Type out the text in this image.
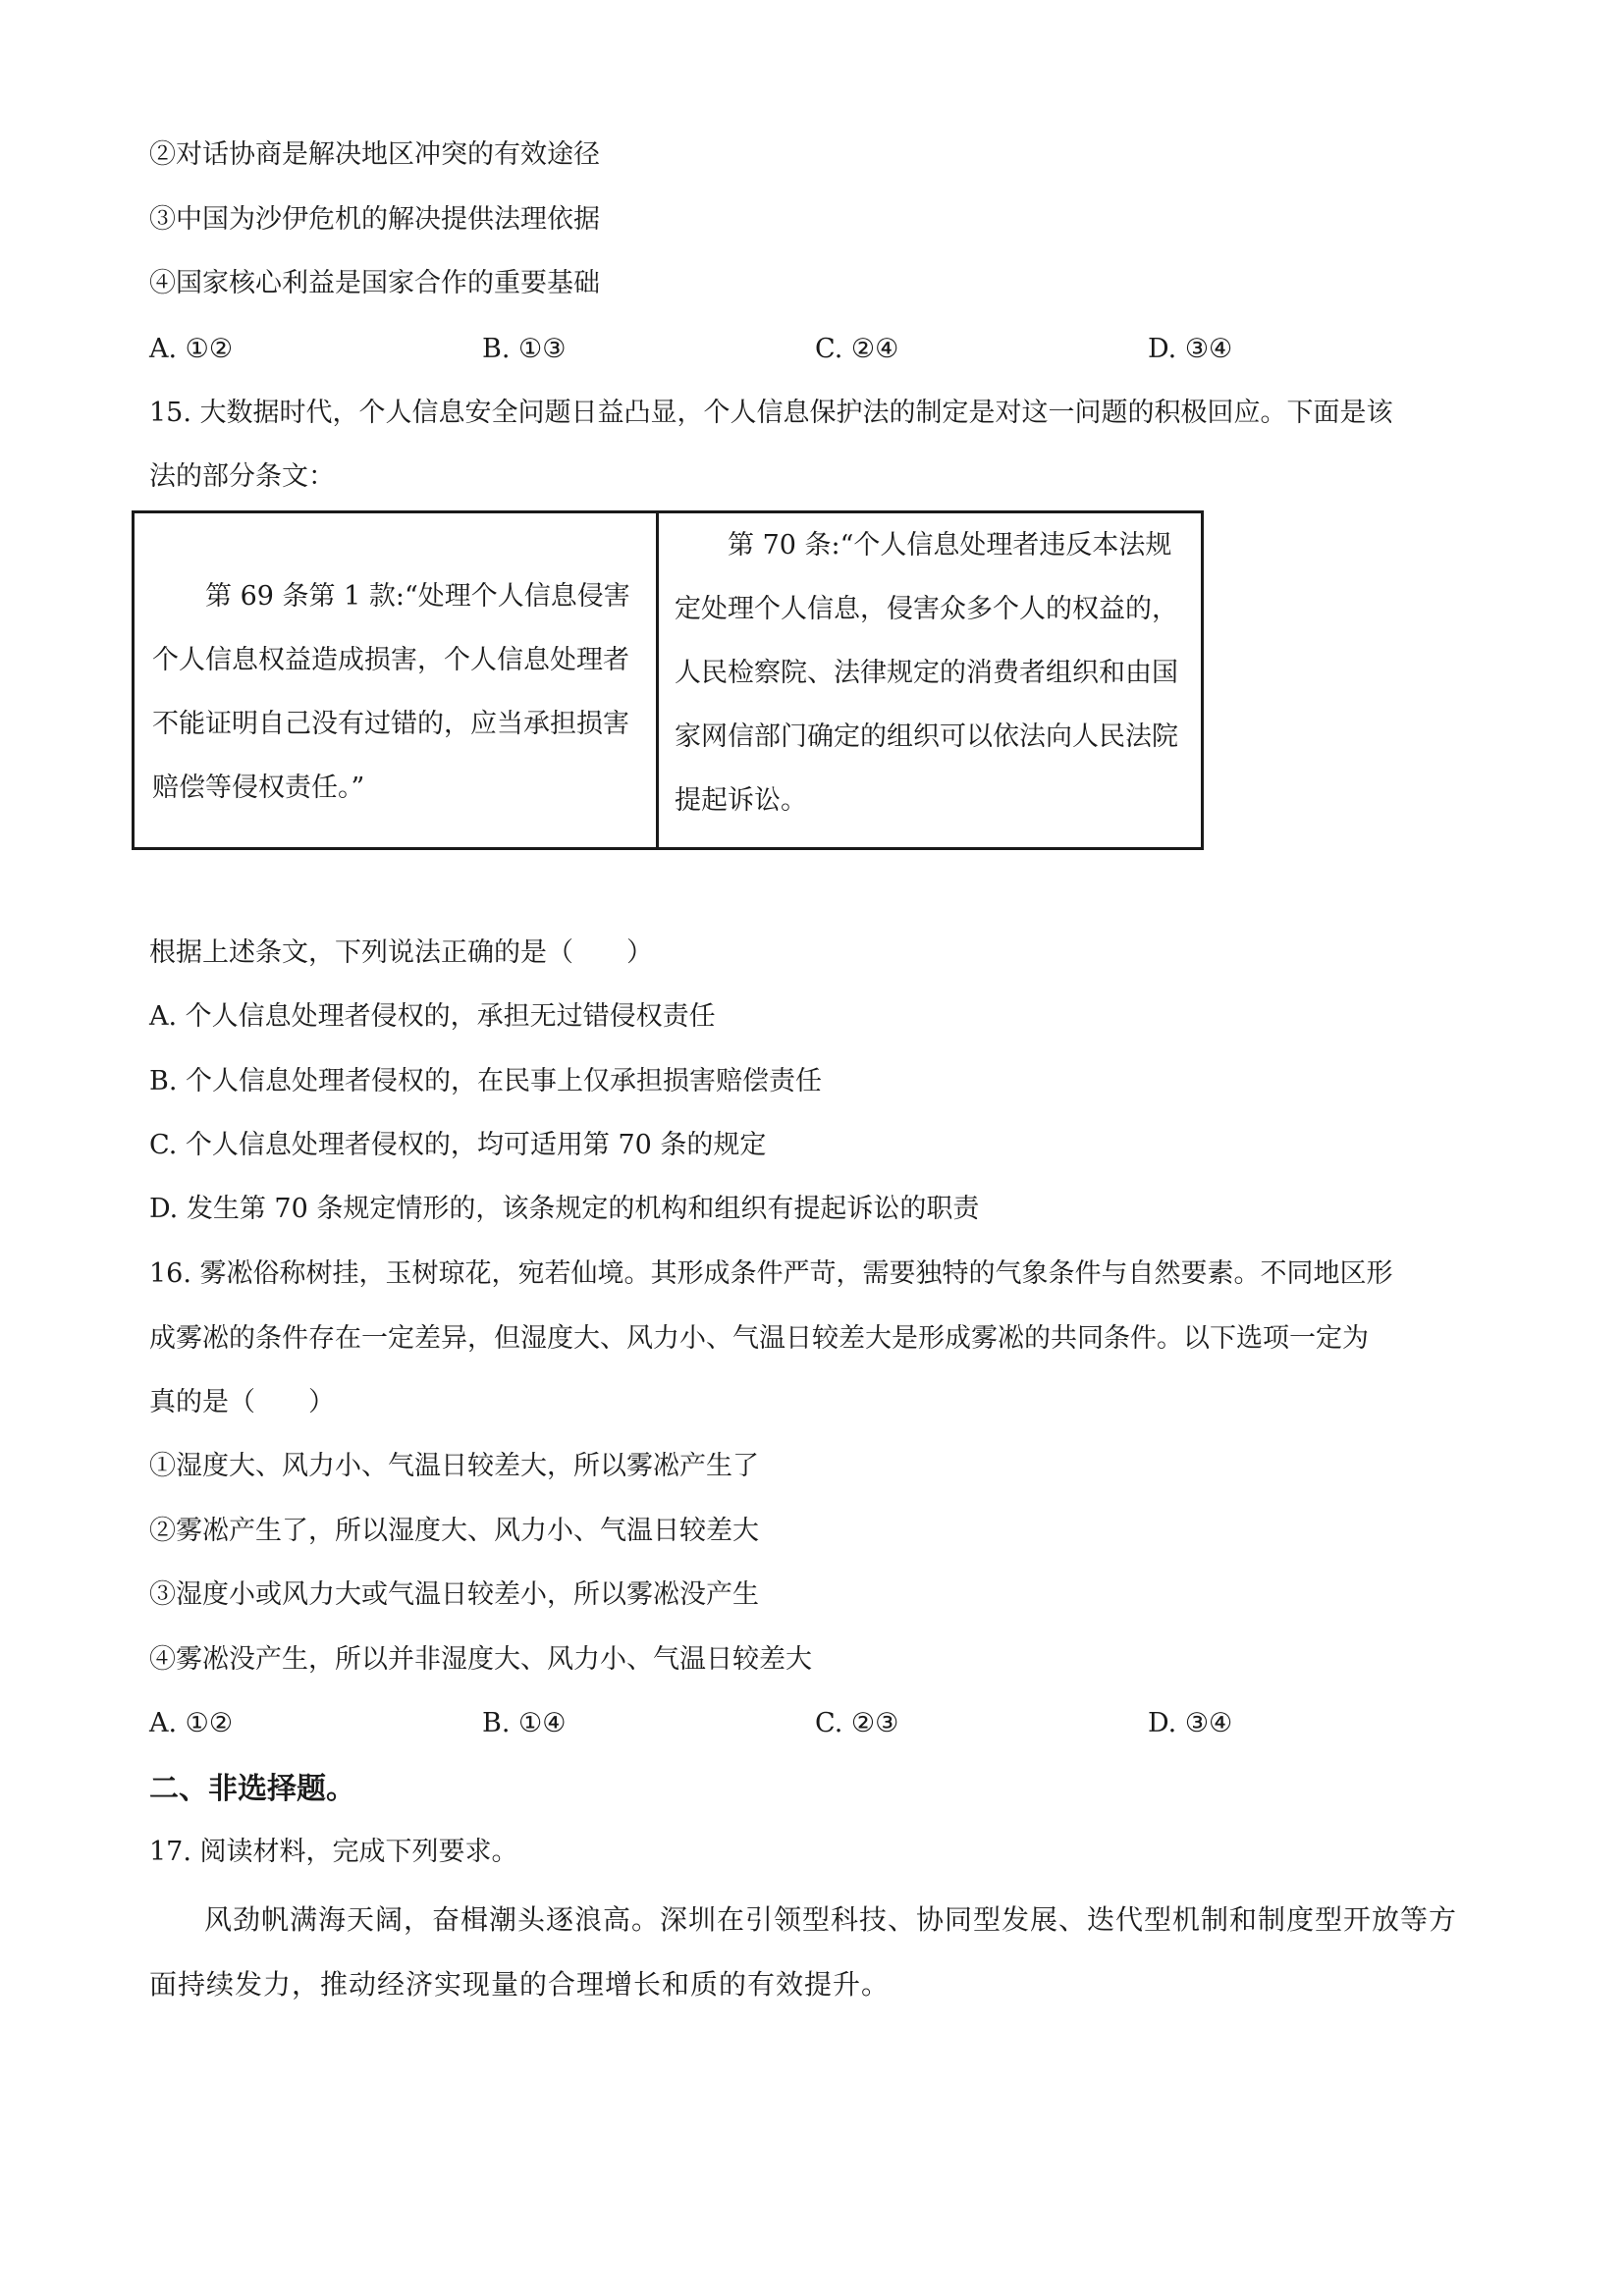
②对话协商是解决地区冲突的有效途径
③中国为沙伊危机的解决提供法理依据
④国家核心利益是国家合作的重要基础
A. ①②	B. ①③	C. ②④	D. ③④
15. 大数据时代，个人信息安全问题日益凸显，个人信息保护法的制定是对这一问题的积极回应。下面是该
法的部分条文：

第 69 条第 1 款:“处理个人信息侵害个人信息权益造成损害，个人信息处理者不能证明自己没有过错的，应当承担损害赔偿等侵权责任。”

第 70 条:“个人信息处理者违反本法规定处理个人信息，侵害众多个人的权益的，人民检察院、法律规定的消费者组织和由国家网信部门确定的组织可以依法向人民法院提起诉讼。

根据上述条文，下列说法正确的是（　　）
A. 个人信息处理者侵权的，承担无过错侵权责任
B. 个人信息处理者侵权的，在民事上仅承担损害赔偿责任
C. 个人信息处理者侵权的，均可适用第 70 条的规定
D. 发生第 70 条规定情形的，该条规定的机构和组织有提起诉讼的职责
16. 雾凇俗称树挂，玉树琼花，宛若仙境。其形成条件严苛，需要独特的气象条件与自然要素。不同地区形
成雾凇的条件存在一定差异，但湿度大、风力小、气温日较差大是形成雾凇的共同条件。以下选项一定为
真的是（　　）
①湿度大、风力小、气温日较差大，所以雾凇产生了
②雾凇产生了，所以湿度大、风力小、气温日较差大
③湿度小或风力大或气温日较差小，所以雾凇没产生
④雾凇没产生，所以并非湿度大、风力小、气温日较差大
A. ①②	B. ①④	C. ②③	D. ③④
二、非选择题。
17. 阅读材料，完成下列要求。
风劲帆满海天阔，奋楫潮头逐浪高。深圳在引领型科技、协同型发展、迭代型机制和制度型开放等方面持续发力，推动经济实现量的合理增长和质的有效提升。
